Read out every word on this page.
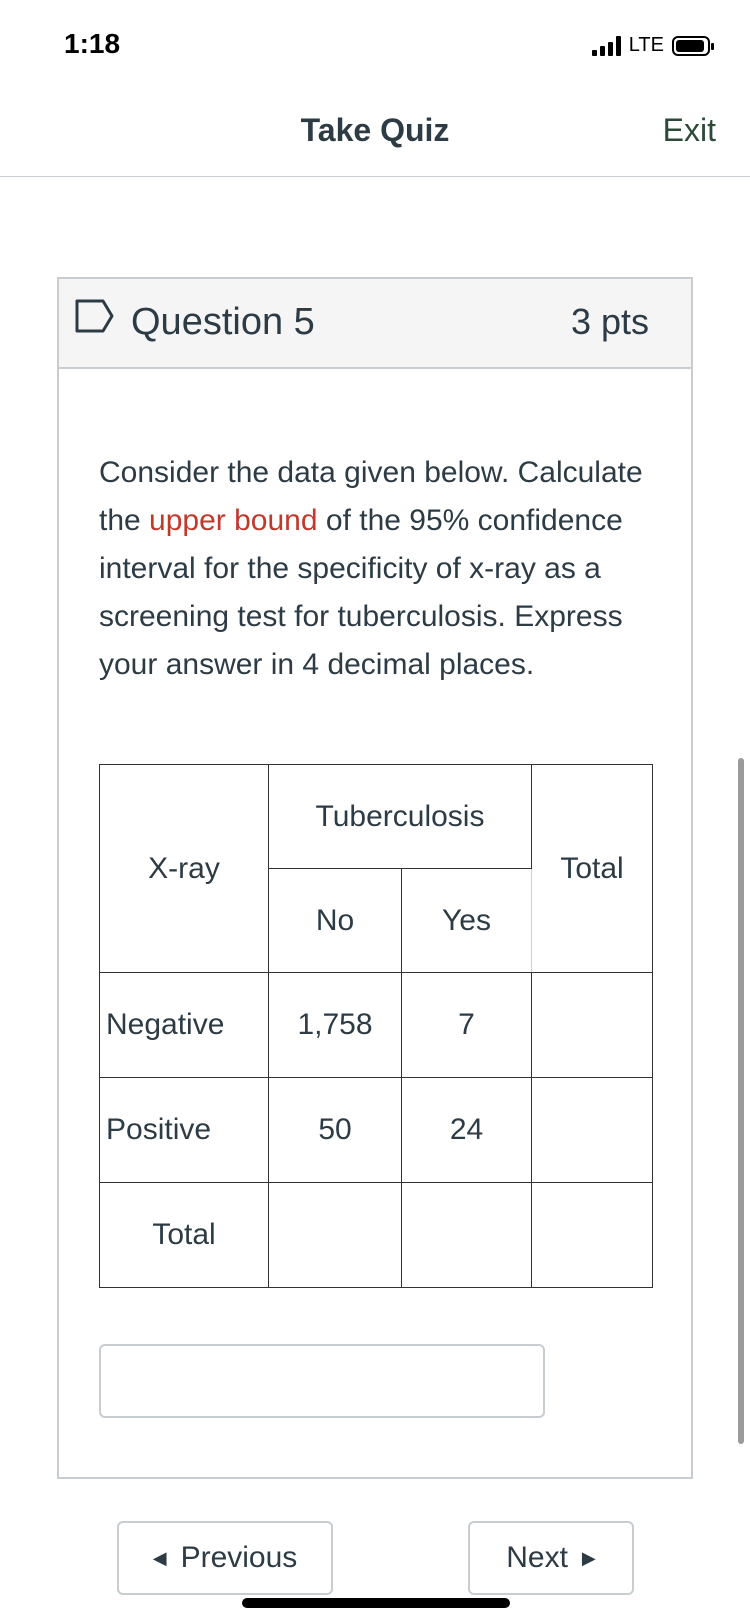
1:18	LTE
Take Quiz	Exit
Question 5	3 pts
Consider the data given below. Calculate the upper bound of the 95% confidence interval for the specificity of x-ray as a screening test for tuberculosis. Express your answer in 4 decimal places.
X-ray	Tuberculosis		Total
	No	Yes	
Negative	1,758	7	
Positive	50	24	
Total			
◀ Previous	Next ▶
